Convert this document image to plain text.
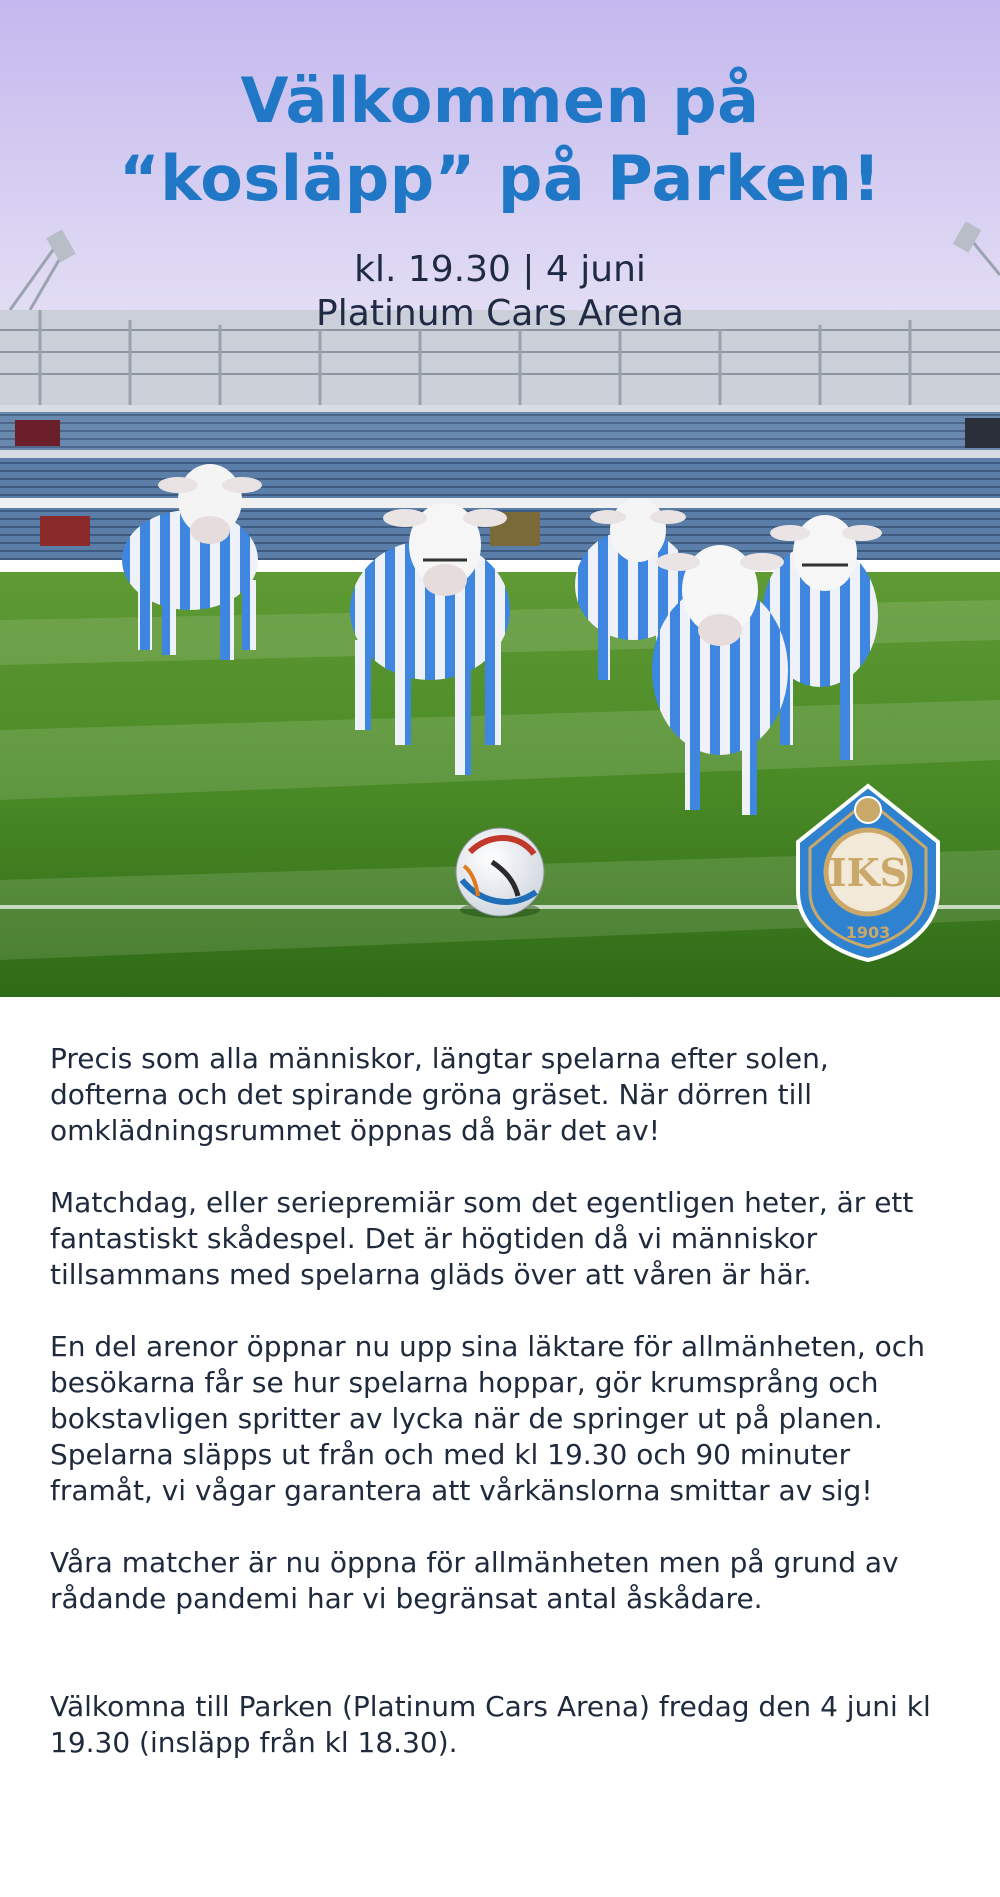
Välkommen på
“kosläpp” på Parken!
kl. 19.30 | 4 juni
Platinum Cars Arena
IKS
1903

Precis som alla människor, längtar spelarna efter solen, dofterna och det spirande gröna gräset. När dörren till omklädningsrummet öppnas då bär det av!

Matchdag, eller seriepremiär som det egentligen heter, är ett fantastiskt skådespel. Det är högtiden då vi människor tillsammans med spelarna gläds över att våren är här.

En del arenor öppnar nu upp sina läktare för allmänheten, och besökarna får se hur spelarna hoppar, gör krumsprång och bokstavligen spritter av lycka när de springer ut på planen. Spelarna släpps ut från och med kl 19.30 och 90 minuter framåt, vi vågar garantera att vårkänslorna smittar av sig!

Våra matcher är nu öppna för allmänheten men på grund av rådande pandemi har vi begränsat antal åskådare.

Välkomna till Parken (Platinum Cars Arena) fredag den 4 juni kl 19.30 (insläpp från kl 18.30).
